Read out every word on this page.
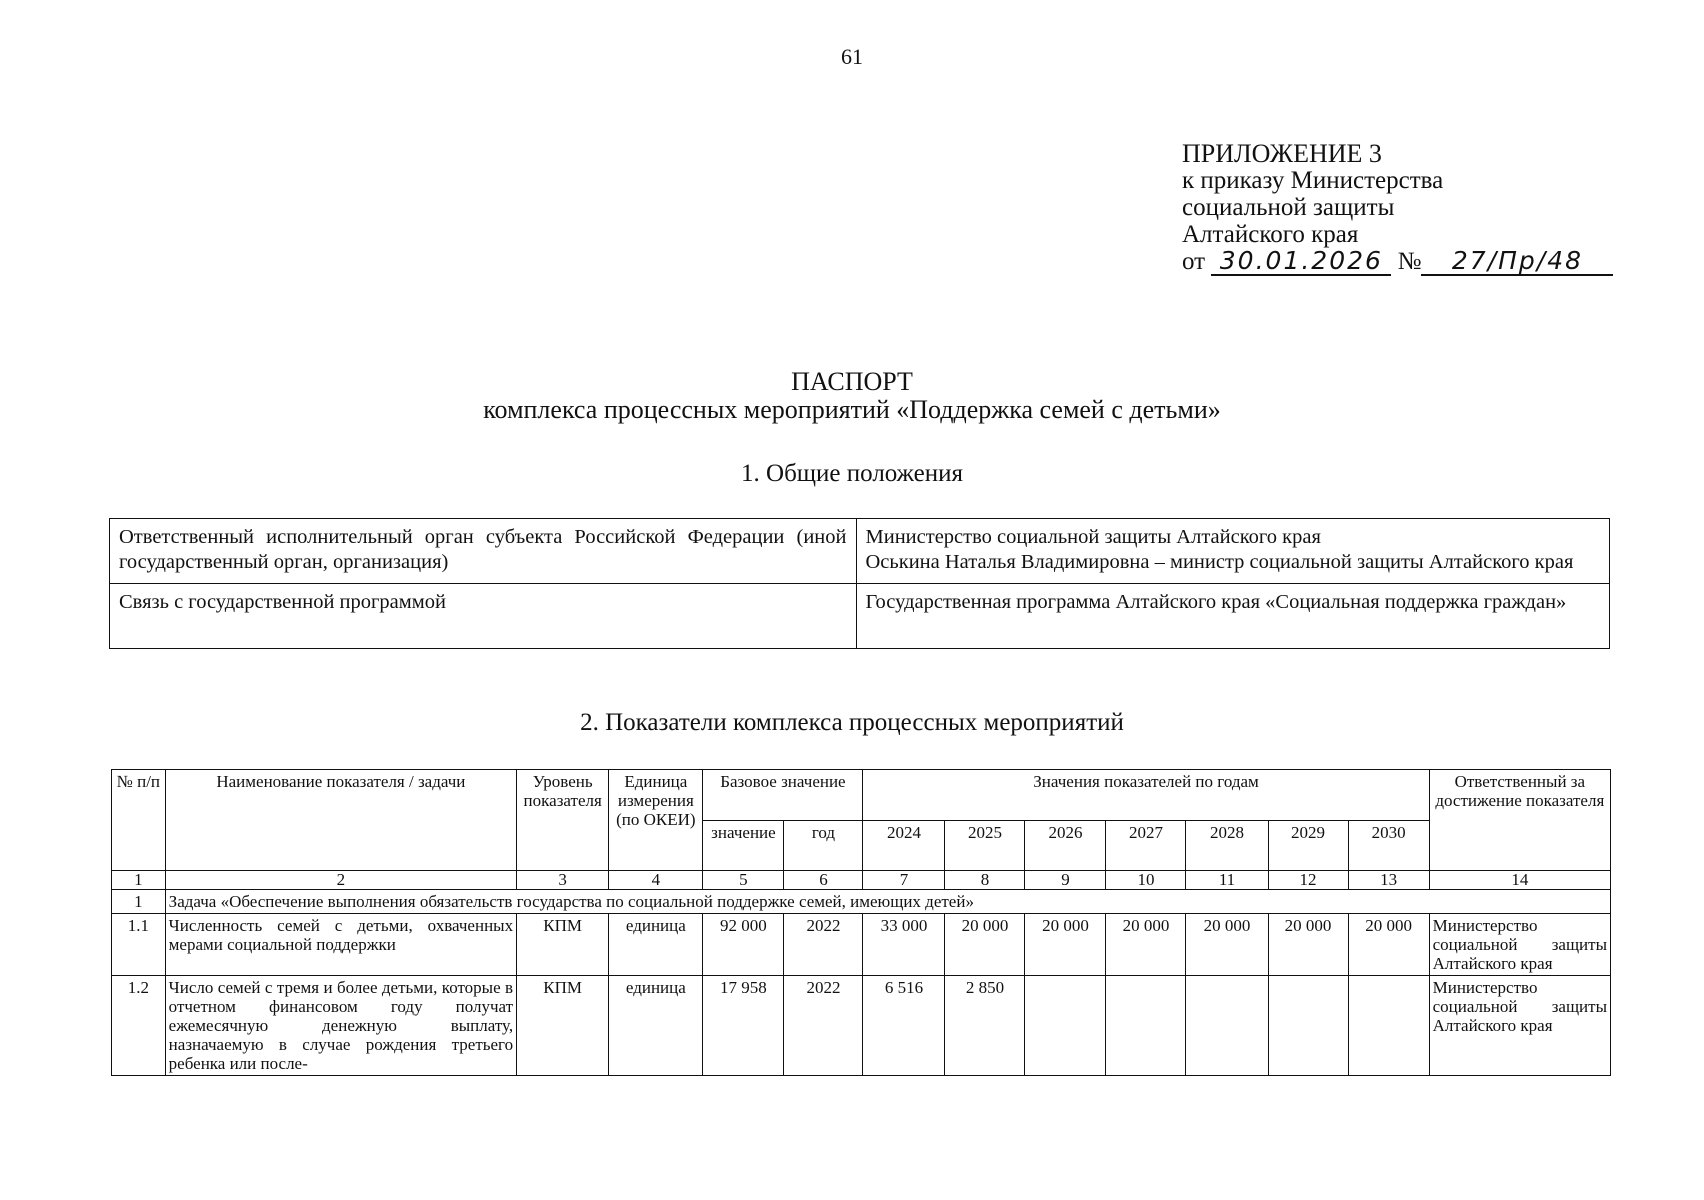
61
ПРИЛОЖЕНИЕ 3
к приказу Министерства
социальной защиты
Алтайского края
от 30.01.2026 № 27/Пр/48
ПАСПОРТ
комплекса процессных мероприятий «Поддержка семей с детьми»
1. Общие положения
Ответственный исполнительный орган субъекта Российской Федерации (иной государственный орган, организация)	Министерство социальной защиты Алтайского края
Оськина Наталья Владимировна – министр социальной защиты Алтайского края

Связь с государственной программой	Государственная программа Алтайского края «Социальная поддержка граждан»
2. Показатели комплекса процессных мероприятий
№ п/п	Наименование показателя / задачи	Уровень показателя	Единица измерения (по ОКЕИ)	Базовое значение		Значения показателей по годам							Ответственный за достижение показателя
				значение	год	2024	2025	2026	2027	2028	2029	2030	
1	2	3	4	5	6	7	8	9	10	11	12	13	14
1	Задача «Обеспечение выполнения обязательств государства по социальной поддержке семей, имеющих детей»												
1.1	Численность семей с детьми, охваченных мерами социальной поддержки	КПМ	единица	92 000	2022	33 000	20 000	20 000	20 000	20 000	20 000	20 000	Министерство социальной защиты Алтайского края
1.2	Число семей с тремя и более детьми, которые в отчетном финансовом году получат ежемесячную денежную выплату, назначаемую в случае рождения третьего ребенка или после-	КПМ	единица	17 958	2022	6 516	2 850						Министерство социальной защиты Алтайского края
